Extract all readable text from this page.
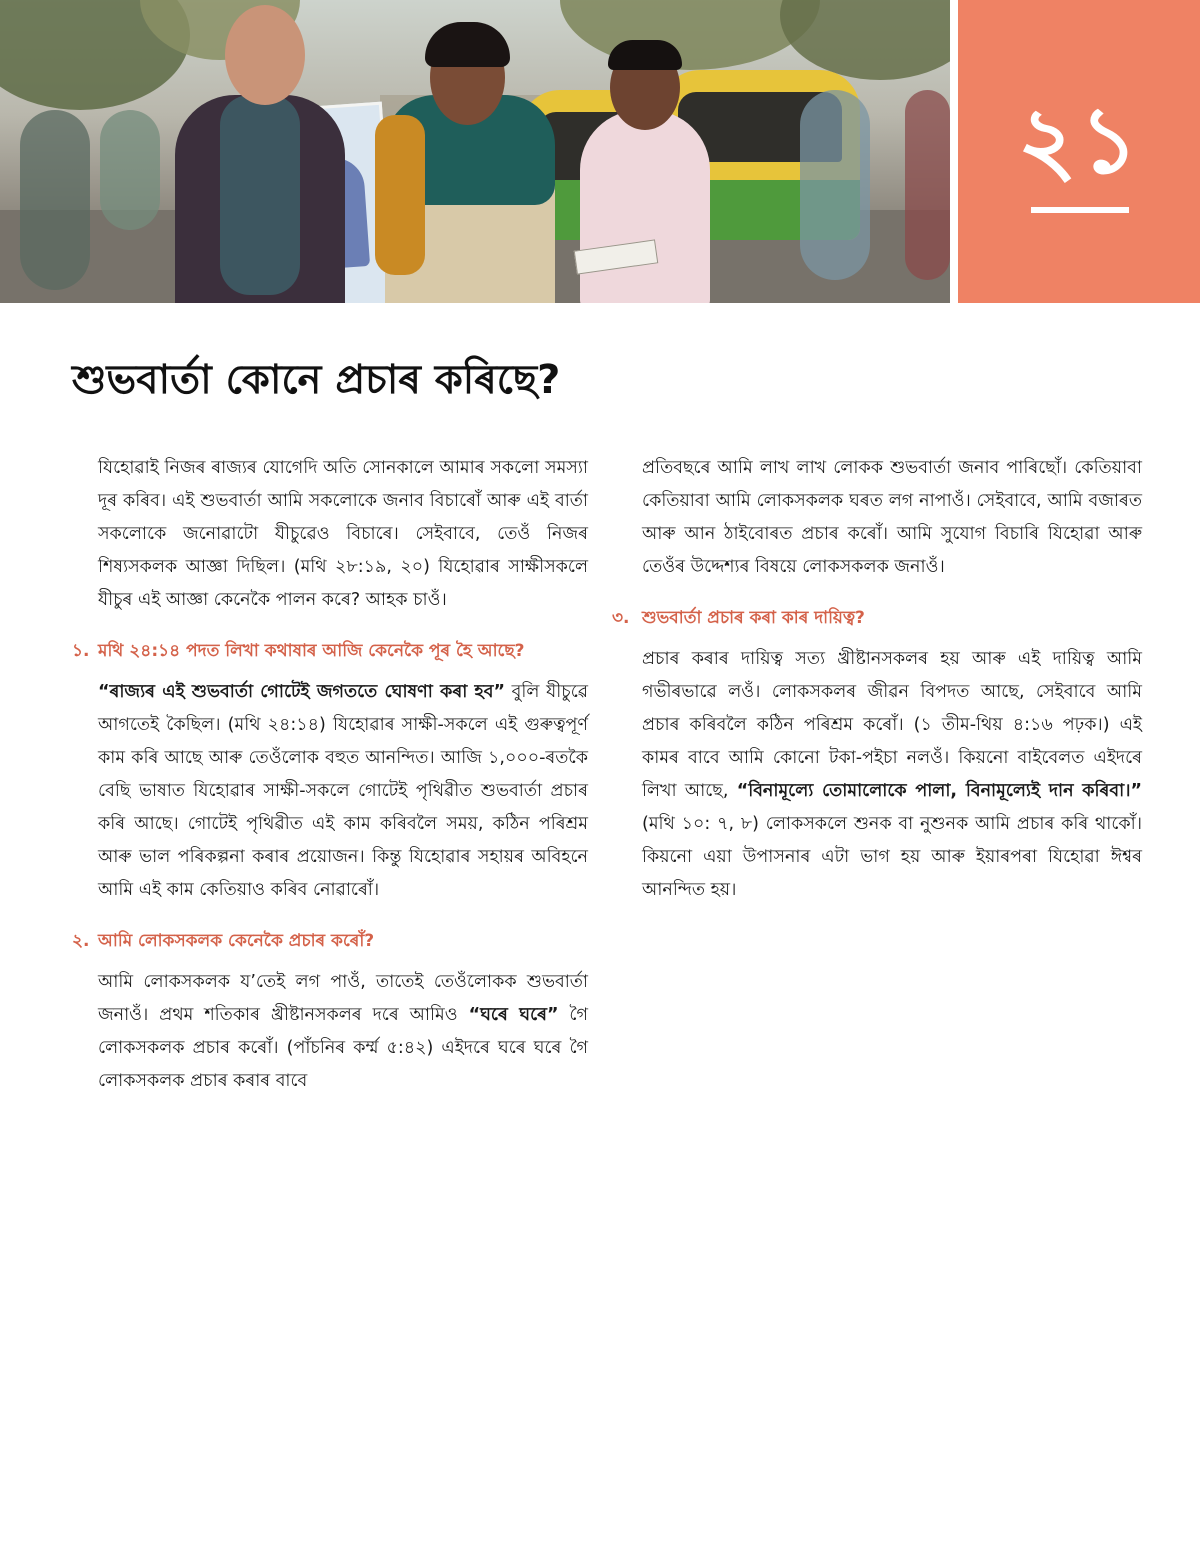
২১
শুভবাৰ্তা কোনে প্ৰচাৰ কৰিছে?

যিহোৱাই নিজৰ ৰাজ্যৰ যোগেদি অতি সোনকালে আমাৰ সকলো সমস্যা দূৰ কৰিব। এই শুভবাৰ্তা আমি সকলোকে জনাব বিচাৰোঁ আৰু এই বাৰ্তা সকলোকে জনোৱাটো যীচুৱেও বিচাৰে। সেইবাবে, তেওঁ নিজৰ শিষ্যসকলক আজ্ঞা দিছিল। (মথি ২৮:১৯, ২০) যিহোৱাৰ সাক্ষীসকলে যীচুৰ এই আজ্ঞা কেনেকৈ পালন কৰে? আহক চাওঁ।

১. মথি ২৪:১৪ পদত লিখা কথাষাৰ আজি কেনেকৈ পূৰ হৈ আছে?

“ৰাজ্যৰ এই শুভবাৰ্তা গোটেই জগততে ঘোষণা কৰা হব” বুলি যীচুৱে আগতেই কৈছিল। (মথি ২৪:১৪) যিহোৱাৰ সাক্ষী-সকলে এই গুৰুত্বপূৰ্ণ কাম কৰি আছে আৰু তেওঁলোক বহুত আনন্দিত। আজি ১,০০০-ৰতকৈ বেছি ভাষাত যিহোৱাৰ সাক্ষী-সকলে গোটেই পৃথিৱীত শুভবাৰ্তা প্ৰচাৰ কৰি আছে। গোটেই পৃথিৱীত এই কাম কৰিবলৈ সময়, কঠিন পৰিশ্ৰম আৰু ভাল পৰিকল্পনা কৰাৰ প্ৰয়োজন। কিন্তু যিহোৱাৰ সহায়ৰ অবিহনে আমি এই কাম কেতিয়াও কৰিব নোৱাৰোঁ।

২. আমি লোকসকলক কেনেকৈ প্ৰচাৰ কৰোঁ?

আমি লোকসকলক য’তেই লগ পাওঁ, তাতেই তেওঁলোকক শুভবাৰ্তা জনাওঁ। প্ৰথম শতিকাৰ খ্ৰীষ্টানসকলৰ দৰে আমিও “ঘৰে ঘৰে” গৈ লোকসকলক প্ৰচাৰ কৰোঁ। (পাঁচনিৰ কৰ্ম্ম ৫:৪২) এইদৰে ঘৰে ঘৰে গৈ লোকসকলক প্ৰচাৰ কৰাৰ বাবে

প্ৰতিবছৰে আমি লাখ লাখ লোকক শুভবাৰ্তা জনাব পাৰিছোঁ। কেতিয়াবা কেতিয়াবা আমি লোকসকলক ঘৰত লগ নাপাওঁ। সেইবাবে, আমি বজাৰত আৰু আন ঠাইবোৰত প্ৰচাৰ কৰোঁ। আমি সুযোগ বিচাৰি যিহোৱা আৰু তেওঁৰ উদ্দেশ্যৰ বিষয়ে লোকসকলক জনাওঁ।

৩. শুভবাৰ্তা প্ৰচাৰ কৰা কাৰ দায়িত্ব?

প্ৰচাৰ কৰাৰ দায়িত্ব সত্য খ্ৰীষ্টানসকলৰ হয় আৰু এই দায়িত্ব আমি গভীৰভাৱে লওঁ। লোকসকলৰ জীৱন বিপদত আছে, সেইবাবে আমি প্ৰচাৰ কৰিবলৈ কঠিন পৰিশ্ৰম কৰোঁ। (১ তীম-থিয় ৪:১৬ পঢ়ক।) এই কামৰ বাবে আমি কোনো টকা-পইচা নলওঁ। কিয়নো বাইবেলত এইদৰে লিখা আছে, “বিনামূল্যে তোমালোকে পালা, বিনামূল্যেই দান কৰিবা।” (মথি ১০: ৭, ৮) লোকসকলে শুনক বা নুশুনক আমি প্ৰচাৰ কৰি থাকোঁ। কিয়নো এয়া উপাসনাৰ এটা ভাগ হয় আৰু ইয়াৰপৰা যিহোৱা ঈশ্বৰ আনন্দিত হয়।
